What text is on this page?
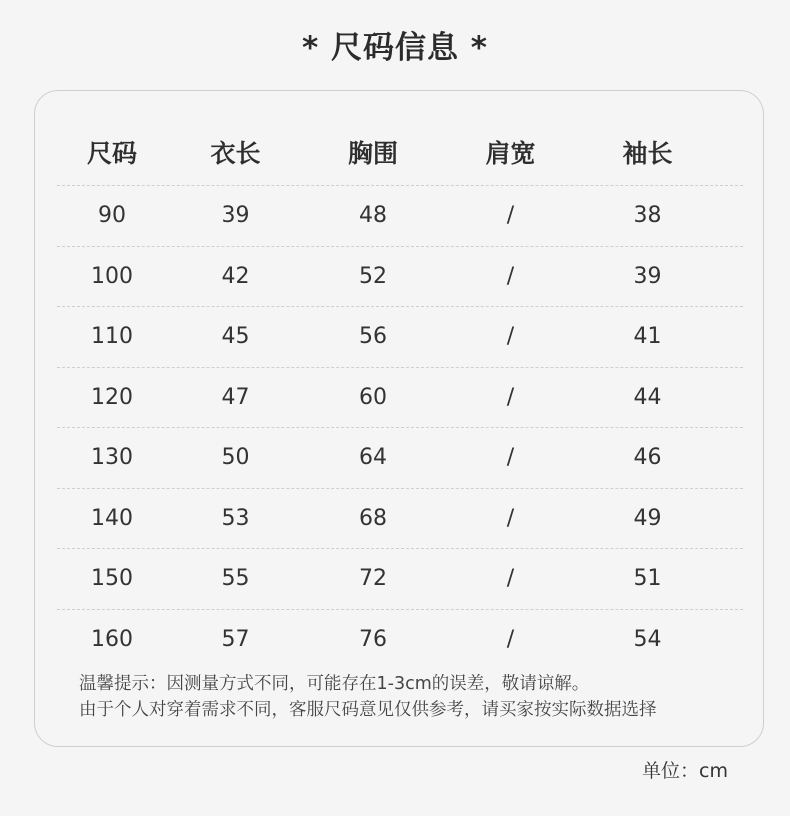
* 尺码信息 *
尺码	衣长	胸围	肩宽	袖长
90	39	48	/	38
100	42	52	/	39
110	45	56	/	41
120	47	60	/	44
130	50	64	/	46
140	53	68	/	49
150	55	72	/	51
160	57	76	/	54
温馨提示：因测量方式不同，可能存在1-3cm的误差，敬请谅解。
由于个人对穿着需求不同，客服尺码意见仅供参考，请买家按实际数据选择
单位：cm
